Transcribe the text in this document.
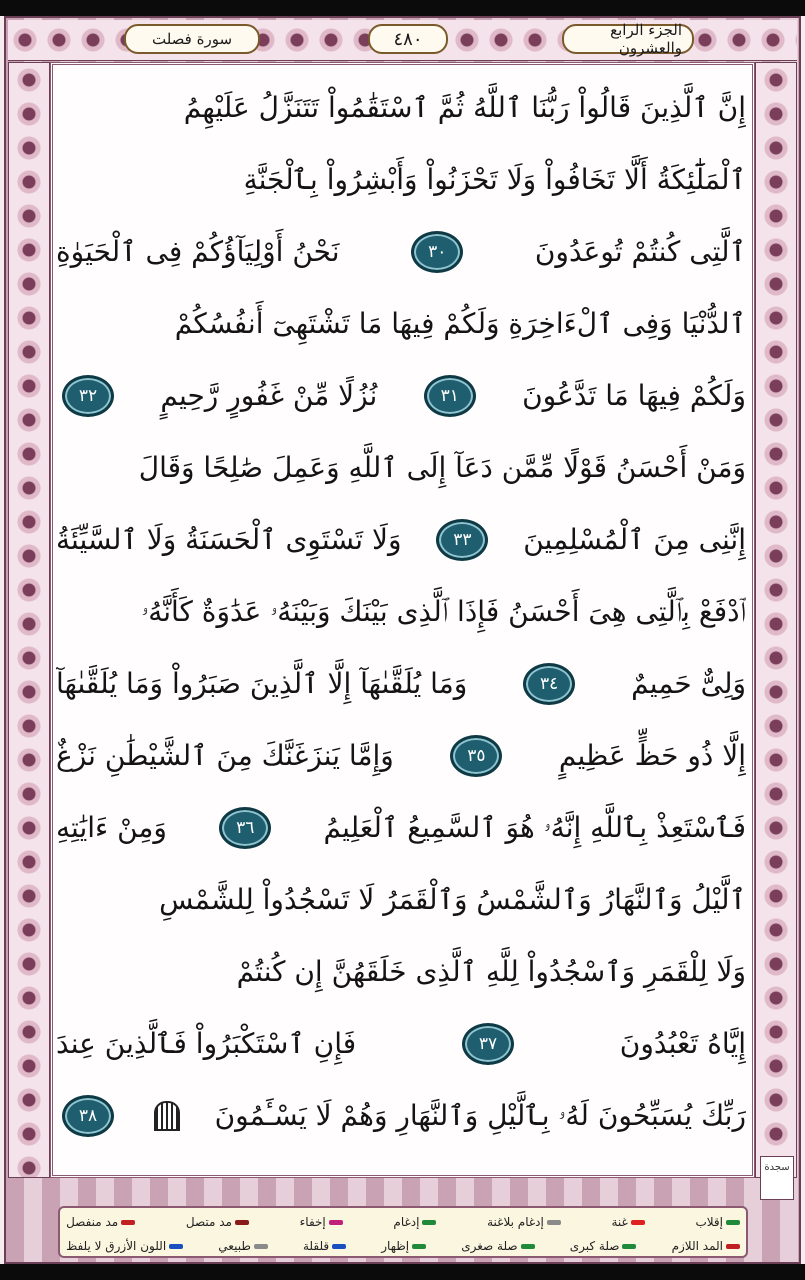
الجزء الرابع والعشرون
٤٨٠
سورة فصلت
إِنَّ ٱلَّذِينَ قَالُواْ رَبُّنَا ٱللَّهُ ثُمَّ ٱسْتَقَٰمُواْ تَتَنَزَّلُ عَلَيْهِمُ
ٱلْمَلَٰٓئِكَةُ أَلَّا تَخَافُواْ وَلَا تَحْزَنُواْ وَأَبْشِرُواْ بِٱلْجَنَّةِ
ٱلَّتِى كُنتُمْ تُوعَدُونَ
٣٠
نَحْنُ أَوْلِيَآؤُكُمْ فِى ٱلْحَيَوٰةِ
ٱلدُّنْيَا وَفِى ٱلْءَاخِرَةِ وَلَكُمْ فِيهَا مَا تَشْتَهِىٓ أَنفُسُكُمْ
وَلَكُمْ فِيهَا مَا تَدَّعُونَ
٣١
نُزُلًا مِّنْ غَفُورٍ رَّحِيمٍ
٣٢
وَمَنْ أَحْسَنُ قَوْلًا مِّمَّن دَعَآ إِلَى ٱللَّهِ وَعَمِلَ صَٰلِحًا وَقَالَ
إِنَّنِى مِنَ ٱلْمُسْلِمِينَ
٣٣
وَلَا تَسْتَوِى ٱلْحَسَنَةُ وَلَا ٱلسَّيِّئَةُ
ٱدْفَعْ بِٱلَّتِى هِىَ أَحْسَنُ فَإِذَا ٱلَّذِى بَيْنَكَ وَبَيْنَهُۥ عَدَٰوَةٌ كَأَنَّهُۥ
وَلِىٌّ حَمِيمٌ
٣٤
وَمَا يُلَقَّىٰهَآ إِلَّا ٱلَّذِينَ صَبَرُواْ وَمَا يُلَقَّىٰهَآ
إِلَّا ذُو حَظٍّ عَظِيمٍ
٣٥
وَإِمَّا يَنزَغَنَّكَ مِنَ ٱلشَّيْطَٰنِ نَزْغٌ
فَٱسْتَعِذْ بِٱللَّهِ إِنَّهُۥ هُوَ ٱلسَّمِيعُ ٱلْعَلِيمُ
٣٦
وَمِنْ ءَايَٰتِهِ
ٱلَّيْلُ وَٱلنَّهَارُ وَٱلشَّمْسُ وَٱلْقَمَرُ لَا تَسْجُدُواْ لِلشَّمْسِ
وَلَا لِلْقَمَرِ وَٱسْجُدُواْ لِلَّهِ ٱلَّذِى خَلَقَهُنَّ إِن كُنتُمْ
إِيَّاهُ تَعْبُدُونَ
٣٧
فَإِنِ ٱسْتَكْبَرُواْ فَٱلَّذِينَ عِندَ
رَبِّكَ يُسَبِّحُونَ لَهُۥ بِٱلَّيْلِ وَٱلنَّهَارِ وَهُمْ لَا يَسْـَٔمُونَ
٣٨
سجدة
إقلاب
غنة
إدغام بلاغنة
إدغام
إخفاء
مد متصل
مد منفصل
المد اللازم
صلة كبرى
صلة صغرى
إظهار
قلقلة
طبيعي
اللون الأزرق لا يلفظ
